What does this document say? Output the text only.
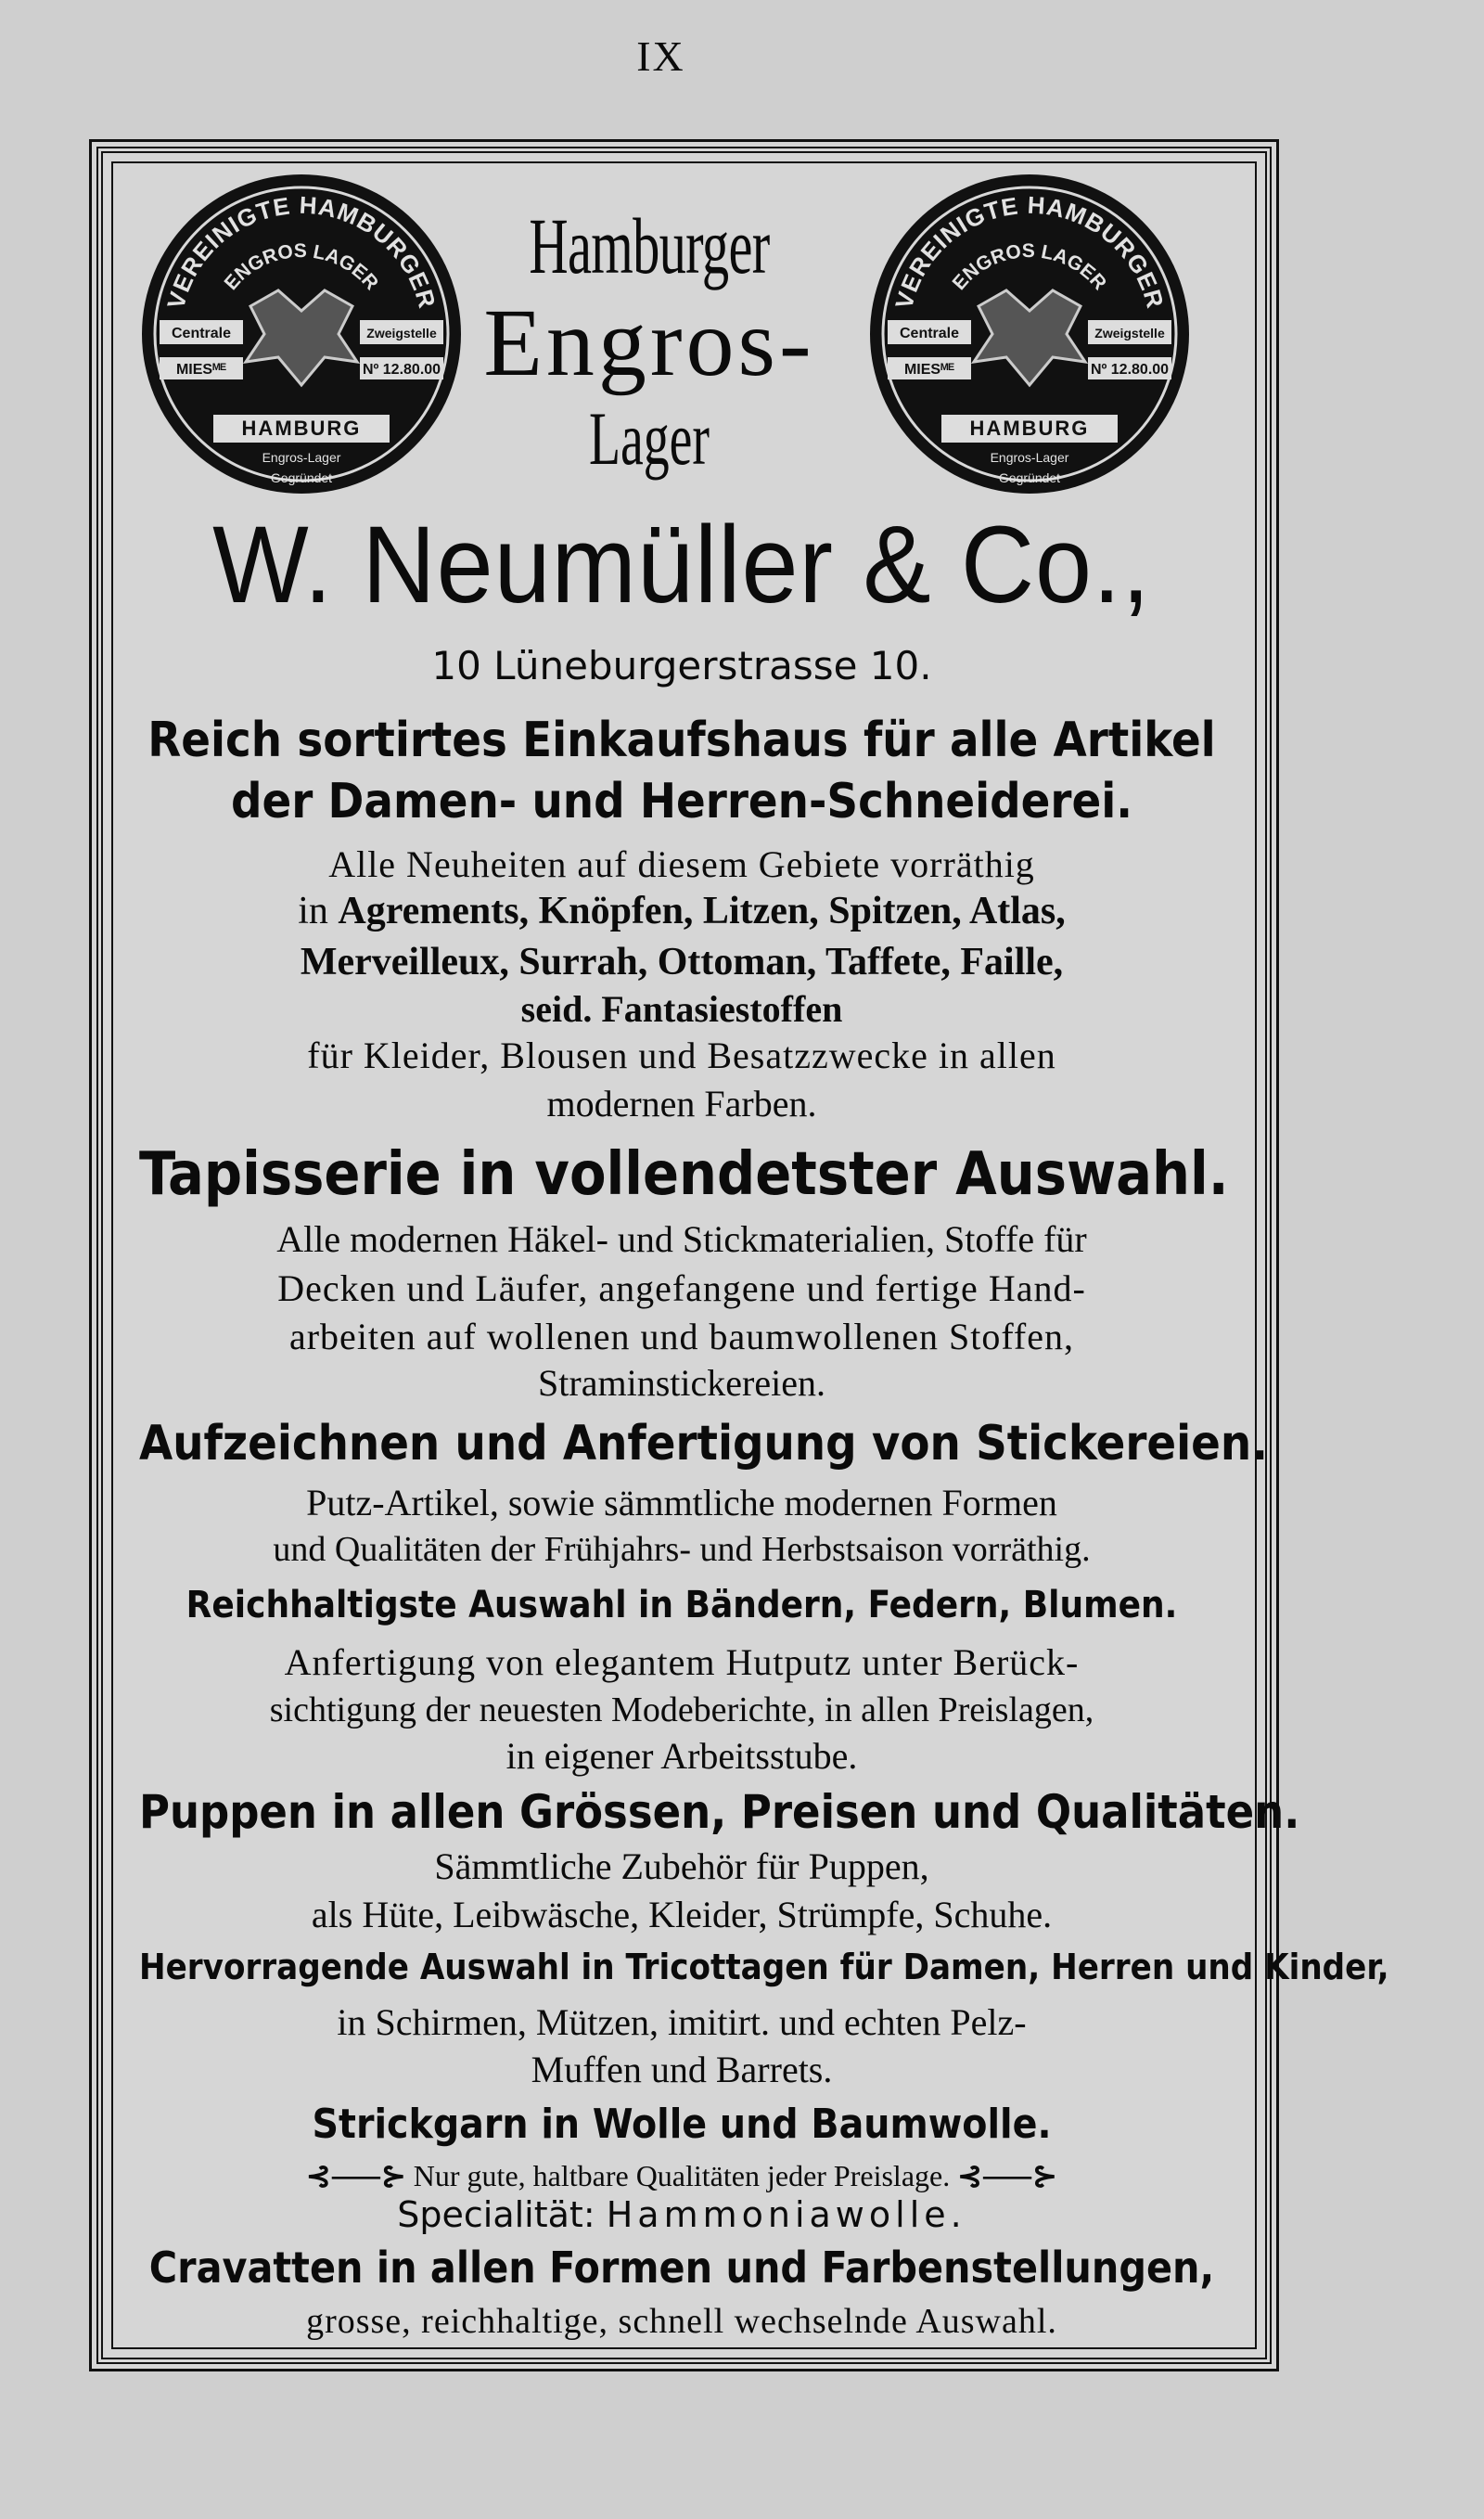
IX
VEREINIGTE HAMBURGER
ENGROS LAGER
Centrale	Zweigstelle
MIESᴹᴱ	Nº 12.80.00
HAMBURG
Engros-Lager
Gegründet
VEREINIGTE HAMBURGER
ENGROS LAGER
Centrale	Zweigstelle
MIESᴹᴱ	Nº 12.80.00
HAMBURG
Engros-Lager
Gegründet
Hamburger
Engros-
Lager
W. Neumüller & Co.,
10 Lüneburgerstrasse 10.
Reich sortirtes Einkaufshaus für alle Artikel
der Damen- und Herren-Schneiderei.
Alle Neuheiten auf diesem Gebiete vorräthig
in Agrements, Knöpfen, Litzen, Spitzen, Atlas,
Merveilleux, Surrah, Ottoman, Taffete, Faille,
seid. Fantasiestoffen
für Kleider, Blousen und Besatzzwecke in allen
modernen Farben.
Tapisserie in vollendetster Auswahl.
Alle modernen Häkel- und Stickmaterialien, Stoffe für
Decken und Läufer, angefangene und fertige Hand-
arbeiten auf wollenen und baumwollenen Stoffen,
Straminstickereien.
Aufzeichnen und Anfertigung von Stickereien.
Putz-Artikel, sowie sämmtliche modernen Formen
und Qualitäten der Frühjahrs- und Herbstsaison vorräthig.
Reichhaltigste Auswahl in Bändern, Federn, Blumen.
Anfertigung von elegantem Hutputz unter Berück-
sichtigung der neuesten Modeberichte, in allen Preislagen,
in eigener Arbeitsstube.
Puppen in allen Grössen, Preisen und Qualitäten.
Sämmtliche Zubehör für Puppen,
als Hüte, Leibwäsche, Kleider, Strümpfe, Schuhe.
Hervorragende Auswahl in Tricottagen für Damen, Herren und Kinder,
in Schirmen, Mützen, imitirt. und echten Pelz-
Muffen und Barrets.
Strickgarn in Wolle und Baumwolle.
⊰⸺⊱ Nur gute, haltbare Qualitäten jeder Preislage. ⊰⸺⊱
Specialität: Hammoniawolle.
Cravatten in allen Formen und Farbenstellungen,
grosse, reichhaltige, schnell wechselnde Auswahl.
